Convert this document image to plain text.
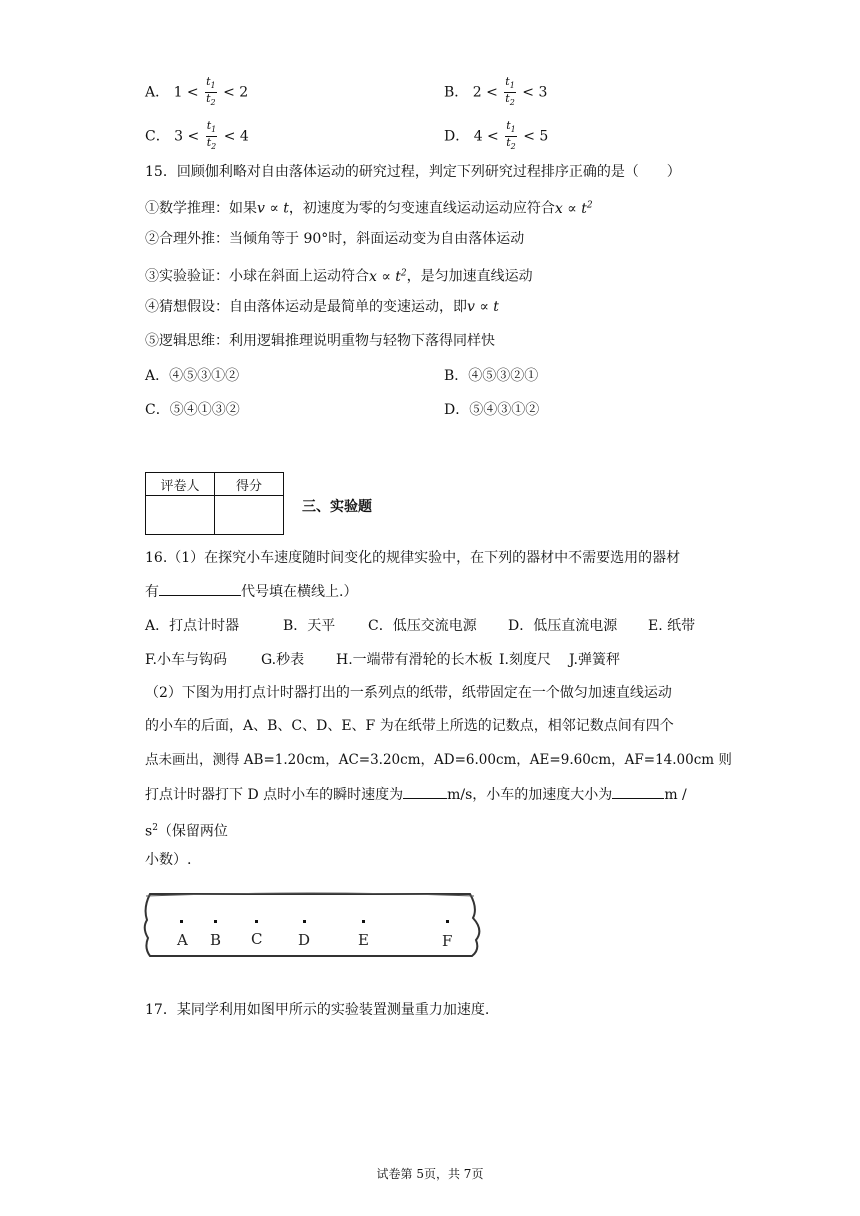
A． $1 < \frac{t_1}{t_2} < 2$	B． $2 < \frac{t_1}{t_2} < 3$
C． $3 < \frac{t_1}{t_2} < 4$	D． $4 < \frac{t_1}{t_2} < 5$
15．回顾伽利略对自由落体运动的研究过程，判定下列研究过程排序正确的是（　　）
①数学推理：如果v ∝ t，初速度为零的匀变速直线运动运动应符合$x \propto t^2$
②合理外推：当倾角等于 90°时，斜面运动变为自由落体运动
③实验验证：小球在斜面上运动符合$x \propto t^2$，是匀加速直线运动
④猜想假设：自由落体运动是最简单的变速运动，即v ∝ t
⑤逻辑思维：利用逻辑推理说明重物与轻物下落得同样快
A．④⑤③①②	B．④⑤③②①
C．⑤④①③②	D．⑤④③①②
评卷人	得分

三、实验题
16.（1）在探究小车速度随时间变化的规律实验中，在下列的器材中不需要选用的器材
有	代号填在横线上.）
A．打点计时器	B．天平 C．低压交流电源 D．低压直流电源 E. 纸带
F.小车与钩码 G.秒表 H.一端带有滑轮的长木板 I.刻度尺 J.弹簧秤
（2）下图为用打点计时器打出的一系列点的纸带，纸带固定在一个做匀加速直线运动
的小车的后面，A、B、C、D、E、F 为在纸带上所选的记数点，相邻记数点间有四个
点未画出，测得 AB=1.20cm，AC=3.20cm，AD=6.00cm，AE=9.60cm，AF=14.00cm 则
打点计时器打下 D 点时小车的瞬时速度为	m/s，小车的加速度大小为	m /
$s^2$（保留两位
小数）.
A B C D	E	F
17．某同学利用如图甲所示的实验装置测量重力加速度.
试卷第 5页，共 7页
